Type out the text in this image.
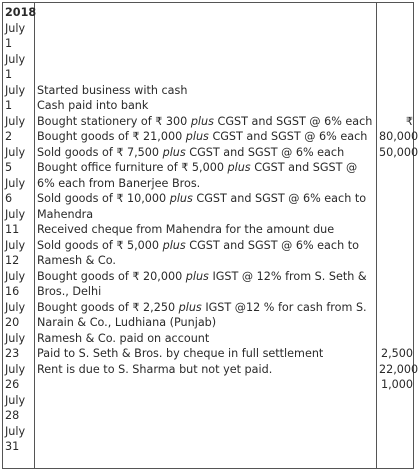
2018
July
1
July
1
July
1
July
2
July
5
July
6
July
11
July
12
July
16
July
20
July
23
July
26
July
28
July
31
Started business with cash
Cash paid into bank
Bought stationery of ₹ 300 plus CGST and SGST @ 6% each
Bought goods of ₹ 21,000 plus CGST and SGST @ 6% each
Sold goods of ₹ 7,500 plus CGST and SGST @ 6% each
Bought office furniture of ₹ 5,000 plus CGST and SGST @ 6% each from Banerjee Bros.
Sold goods of ₹ 10,000 plus CGST and SGST @ 6% each to Mahendra
Received cheque from Mahendra for the amount due
Sold goods of ₹ 5,000 plus CGST and SGST @ 6% each to Ramesh & Co.
Bought goods of ₹ 20,000 plus IGST @ 12% from S. Seth & Bros., Delhi
Bought goods of ₹ 2,250 plus IGST @12 % for cash from S. Narain & Co., Ludhiana (Punjab)
Ramesh & Co. paid on account
Paid to S. Seth & Bros. by cheque in full settlement
Rent is due to S. Sharma but not yet paid.
₹
80,000
50,000
2,500
22,000
1,000
